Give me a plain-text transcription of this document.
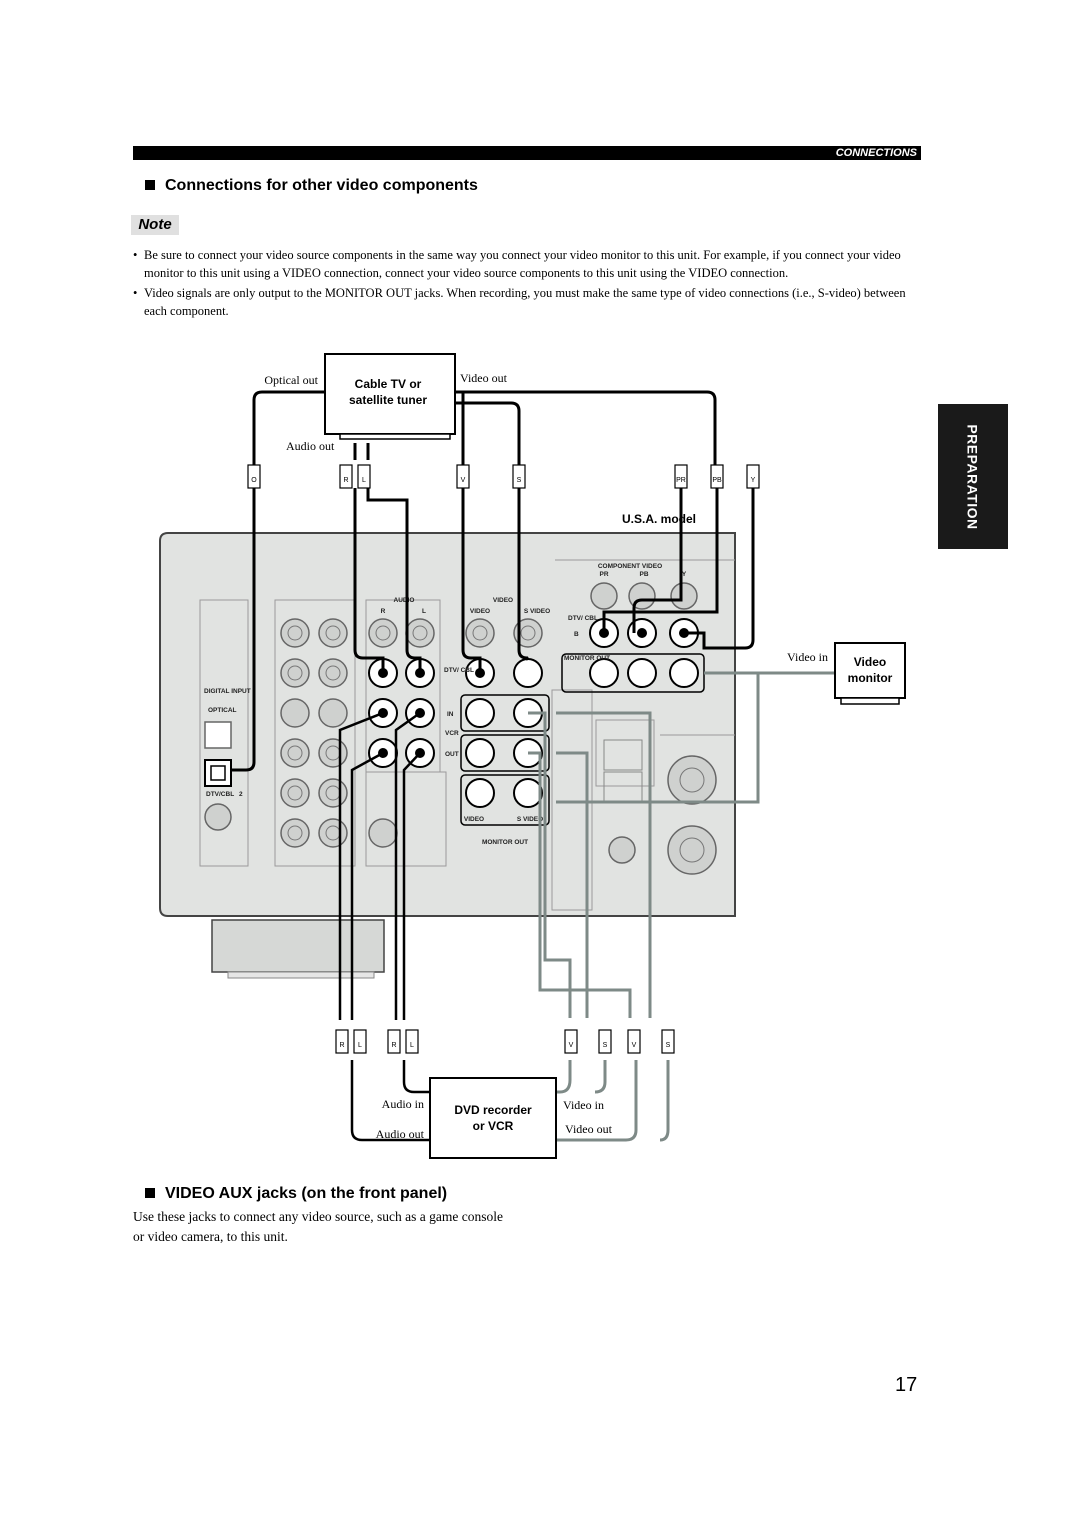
CONNECTIONS
Connections for other video components
Note
• Be sure to connect your video source components in the same way you connect your video monitor to this unit. For example, if you connect your video monitor to this unit using a VIDEO connection, connect your video source components to this unit using the VIDEO connection.
• Video signals are only output to the MONITOR OUT jacks. When recording, you must make the same type of video connections (i.e., S-video) between each component.
PREPARATION
COMPONENT VIDEO
PR	PB	Y
AUDIO	VIDEO
R	L	VIDEO	S VIDEO
DTV/ CBL
B
MONITOR OUT
DTV/ CBL
IN
VCR
OUT
DIGITAL INPUT
OPTICAL
DTV/CBL 2
VIDEO	S VIDEO
MONITOR OUT
Cable TV or
satellite tuner
Optical out	Video out
Audio out
U.S.A. model
O	R L	V	S	PR	PB	Y
Video
monitor
Video in
R L	R L	V	S	V	S
DVD recorder
or VCR
Audio in
Audio out
Video in
Video out
VIDEO AUX jacks (on the front panel)
Use these jacks to connect any video source, such as a game console or video camera, to this unit.
17
